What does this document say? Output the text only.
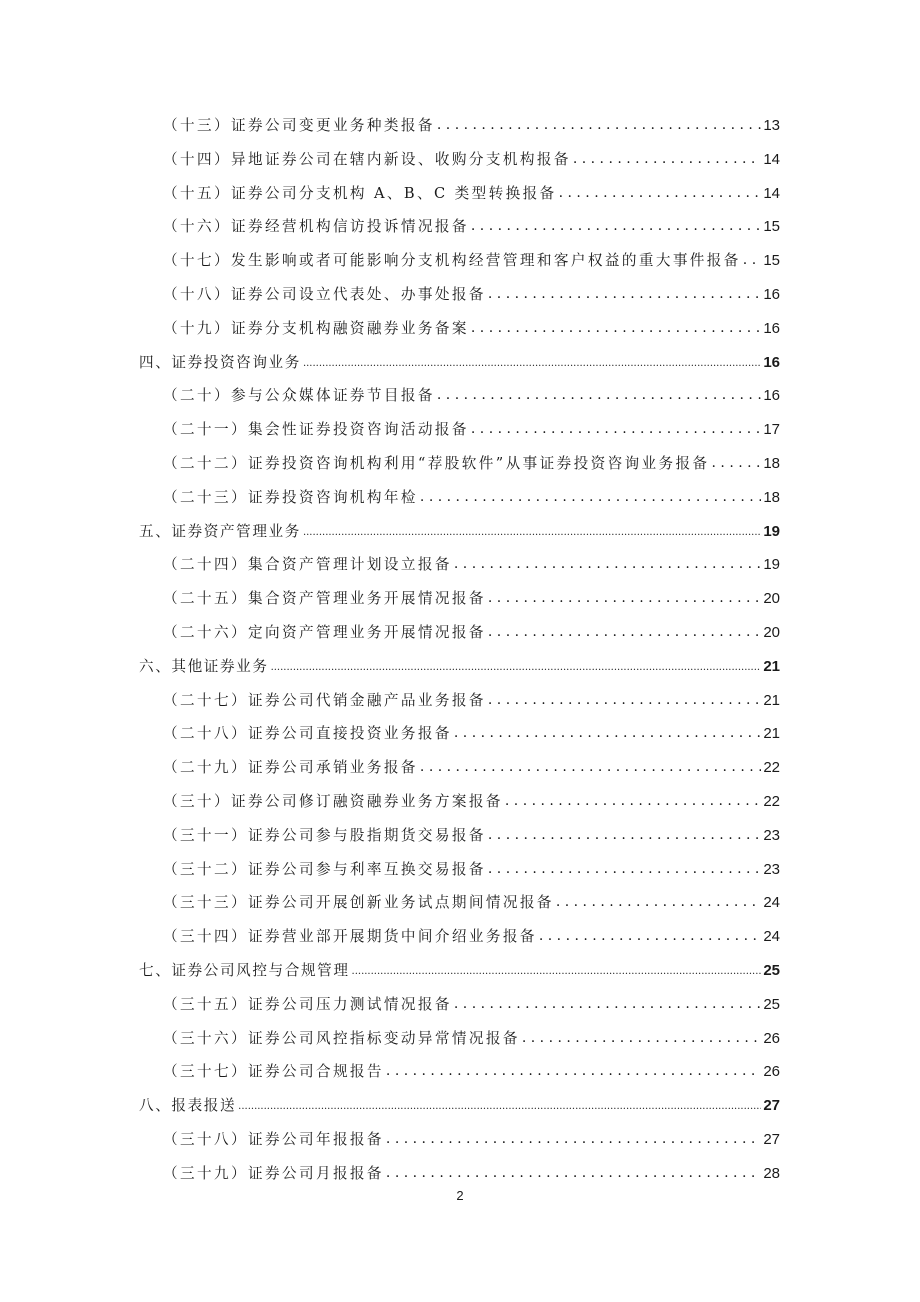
（十三）证券公司变更业务种类报备 . . .	13
（十四）异地证券公司在辖内新设、收购分支机构报备 . . .	14
（十五）证券公司分支机构 A、B、C 类型转换报备 . . .	14
（十六）证券经营机构信访投诉情况报备 . . .	15
（十七）发生影响或者可能影响分支机构经营管理和客户权益的重大事件报备 . . . 15
（十八）证券公司设立代表处、办事处报备 . . .	16
（十九）证券分支机构融资融券业务备案 . . .	16
四、证券投资咨询业务 .....	16
（二十）参与公众媒体证券节目报备 . . .	16
（二十一）集会性证券投资咨询活动报备 . . .	17
（二十二）证券投资咨询机构利用“荐股软件”从事证券投资咨询业务报备 . . .	18
（二十三）证券投资咨询机构年检 . . .	18
五、证券资产管理业务 .....	19
（二十四）集合资产管理计划设立报备 . . .	19
（二十五）集合资产管理业务开展情况报备 . . .	20
（二十六）定向资产管理业务开展情况报备 . . .	20
六、其他证券业务 .....	21
（二十七）证券公司代销金融产品业务报备 . . .	21
（二十八）证券公司直接投资业务报备 . . .	21
（二十九）证券公司承销业务报备 . . .	22
（三十）证券公司修订融资融券业务方案报备 . . .	22
（三十一）证券公司参与股指期货交易报备 . . .	23
（三十二）证券公司参与利率互换交易报备 . . .	23
（三十三）证券公司开展创新业务试点期间情况报备 . . .	24
（三十四）证券营业部开展期货中间介绍业务报备 . . .	24
七、证券公司风控与合规管理 .....	25
（三十五）证券公司压力测试情况报备 . . .	25
（三十六）证券公司风控指标变动异常情况报备 . . .	26
（三十七）证券公司合规报告 . . .	26
八、报表报送 .....	27
（三十八）证券公司年报报备 . . .	27
（三十九）证券公司月报报备 . . .	28
2
